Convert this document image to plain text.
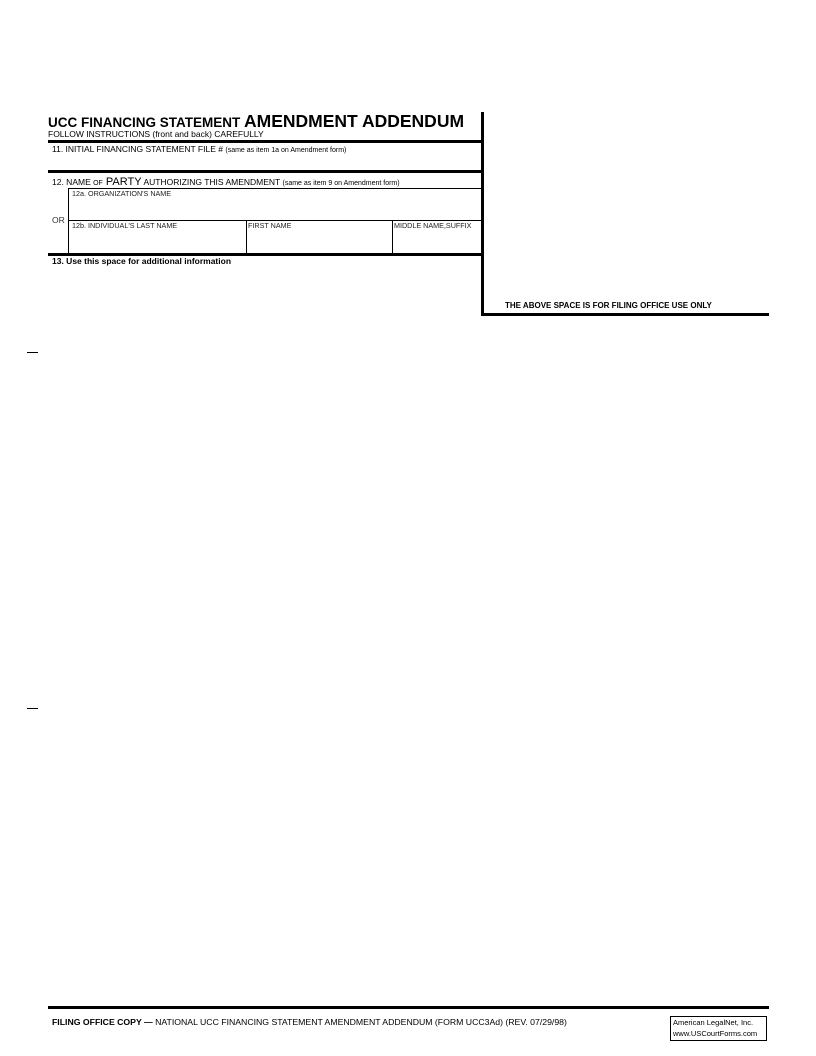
UCC FINANCING STATEMENT AMENDMENT ADDENDUM
FOLLOW INSTRUCTIONS (front and back) CAREFULLY
11. INITIAL FINANCING STATEMENT FILE # (same as item 1a on Amendment form)
12. NAME OF PARTY AUTHORIZING THIS AMENDMENT (same as item 9 on Amendment form)
12a. ORGANIZATION'S NAME
OR
12b. INDIVIDUAL'S LAST NAME	FIRST NAME	MIDDLE NAME,SUFFIX
13. Use this space for additional information
THE ABOVE SPACE IS FOR FILING OFFICE USE ONLY
FILING OFFICE COPY — NATIONAL UCC FINANCING STATEMENT AMENDMENT ADDENDUM (FORM UCC3Ad) (REV. 07/29/98)	American LegalNet, Inc.
www.USCourtForms.com
